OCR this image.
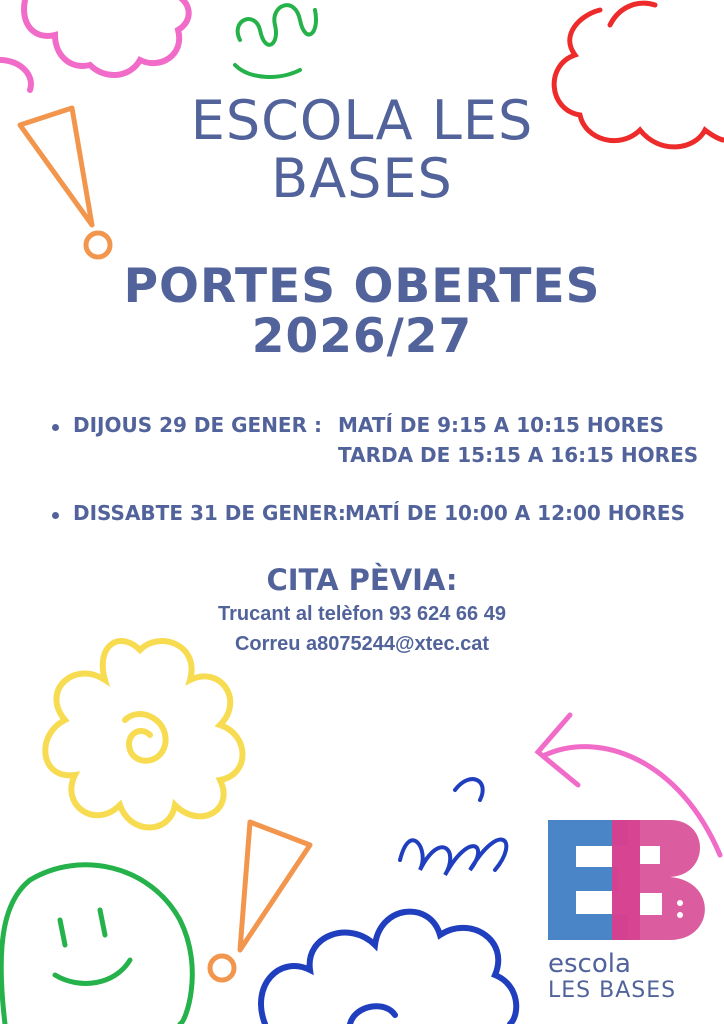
ESCOLA LES
BASES
PORTES OBERTES
2026/27
DIJOUS 29 DE GENER : MATÍ DE 9:15 A 10:15 HORES
TARDA DE 15:15 A 16:15 HORES
DISSABTE 31 DE GENER: MATÍ DE 10:00 A 12:00 HORES
CITA PÈVIA:
Trucant al telèfon 93 624 66 49
Correu a8075244@xtec.cat
escola
LES BASES
